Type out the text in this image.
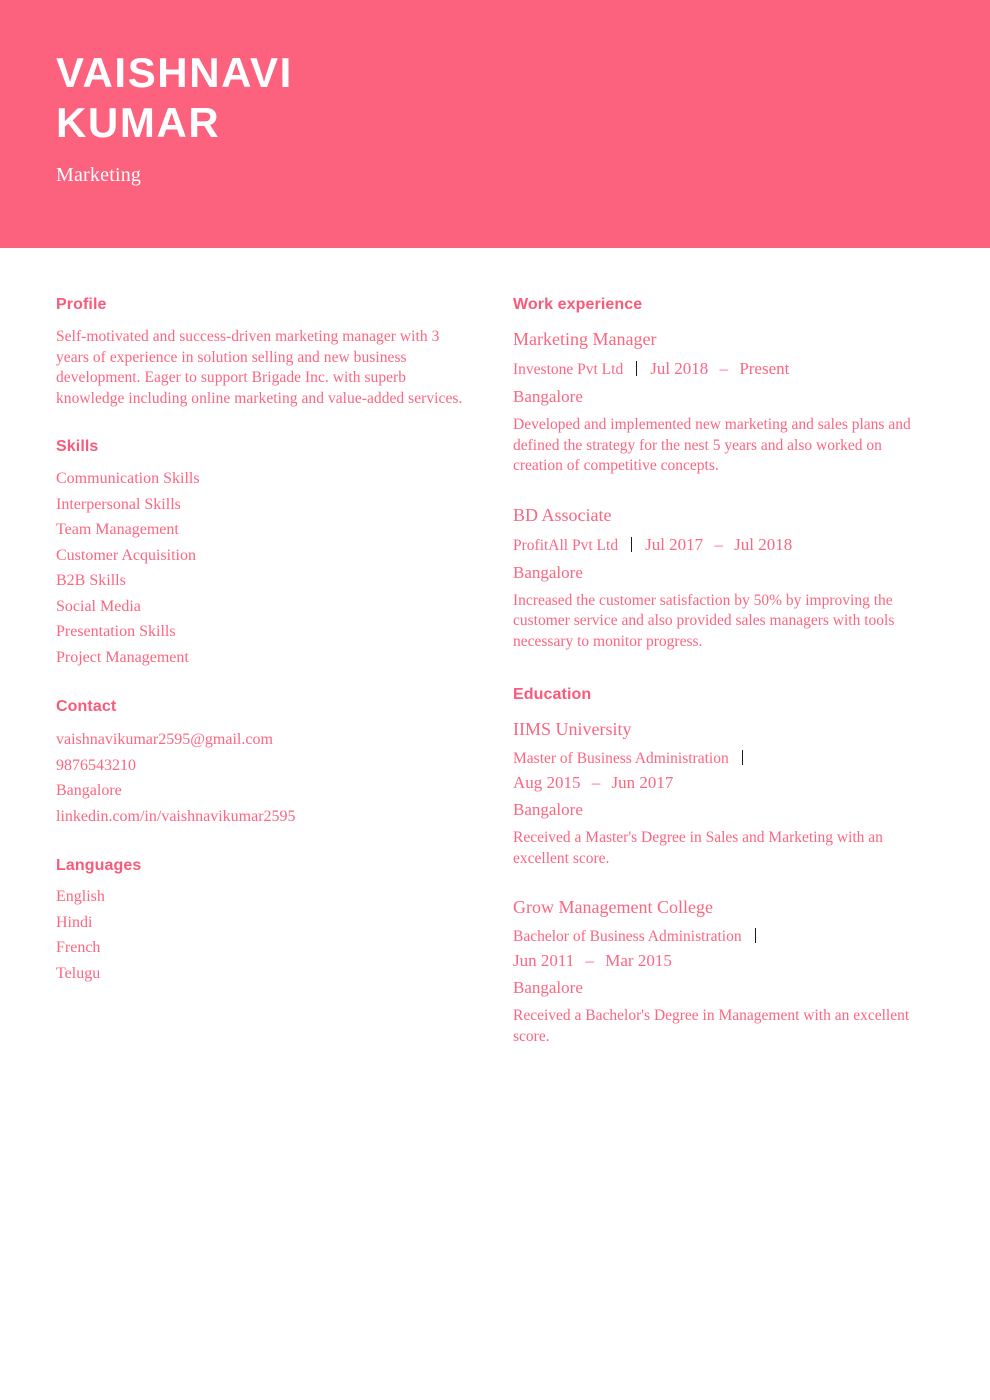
VAISHNAVI
KUMAR
Marketing
Profile

Self-motivated and success-driven marketing manager with 3 years of experience in solution selling and new business development. Eager to support Brigade Inc. with superb knowledge including online marketing and value-added services.

Skills
Communication Skills
Interpersonal Skills
Team Management
Customer Acquisition
B2B Skills
Social Media
Presentation Skills
Project Management
Contact
vaishnavikumar2595@gmail.com
9876543210
Bangalore
linkedin.com/in/vaishnavikumar2595
Languages
English
Hindi
French
Telugu
Work experience
Marketing Manager
Investone Pvt Ltd Jul 2018 – Present
Bangalore

Developed and implemented new marketing and sales plans and defined the strategy for the nest 5 years and also worked on creation of competitive concepts.

BD Associate
ProfitAll Pvt Ltd Jul 2017 – Jul 2018
Bangalore

Increased the customer satisfaction by 50% by improving the customer service and also provided sales managers with tools necessary to monitor progress.

Education
IIMS University
Master of Business Administration
Aug 2015 – Jun 2017
Bangalore

Received a Master's Degree in Sales and Marketing with an excellent score.

Grow Management College
Bachelor of Business Administration
Jun 2011 – Mar 2015
Bangalore

Received a Bachelor's Degree in Management with an excellent score.
